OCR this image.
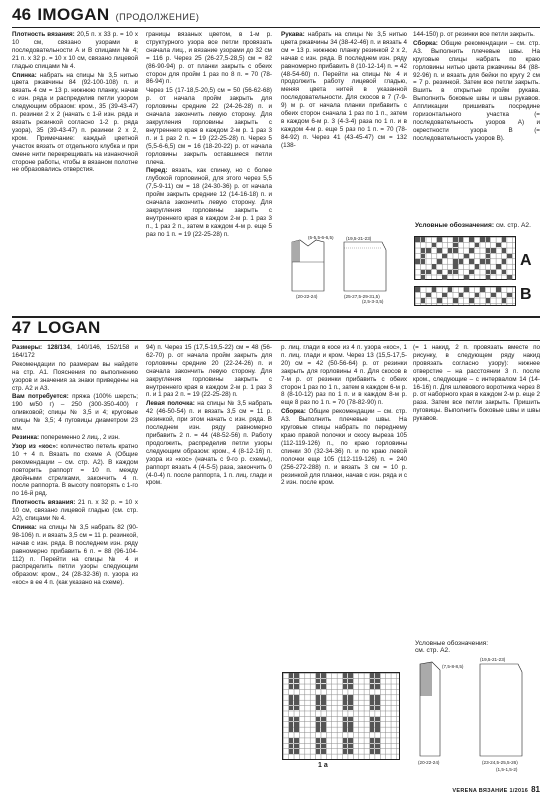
46 IMOGAN (ПРОДОЛЖЕНИЕ)

Плотность вязания: 20,5 п. х 33 р. = 10 х 10 см, связано узорами в последовательности А и В спицами № 4; 21 п. х 32 р. = 10 х 10 см, связано лицевой гладью спицами № 4.

Спинка: набрать на спицы № 3,5 нитью цвета ржавчины 84 (92-100-108) п. и вязать 4 см = 13 р. нижнюю планку, начав с изн. ряда и распределив петли узором следующим образом: кром., 35 (39-43-47) п. резинки 2 х 2 (начать с 1-й изн. ряда и вязать резинкой согласно 1-2 р. ряда узора), 35 (39-43-47) п. резинки 2 х 2, кром. Примечание: каждый цветной участок вязать от отдельного клубка и при смене нити перекрещивать на изнаночной стороне работы, чтобы в вязаном полотне не образовались отверстия.

границы вязаных цветом, в 1-м р. структурного узора все петли провязать сначала лиц., и вязание узорами до 32 см = 116 р. Через 25 (26-27,5-28,5) см = 82 (86-90-94) р. от планки закрыть с обеих сторон для пройм 1 раз по 8 п. = 70 (78-86-94) п.

Через 15 (17-18,5-20,5) см = 50 (56-62-68) р. от начала пройм закрыть для горловины средние 22 (24-26-28) п. и сначала закончить левую сторону. Для закругления горловины закрыть с внутреннего края в каждом 2-м р. 1 раз 3 п. и 1 раз 2 п. = 19 (22-25-28) п. Через 5 (5,5-6-6,5) см = 16 (18-20-22) р. от начала горловины закрыть оставшиеся петли плеча.

Перед: вязать, как спинку, но с более глубокой горловиной, для этого через 5,5 (7,5-9-11) см = 18 (24-30-36) р. от начала пройм закрыть средние 12 (14-16-18) п. и сначала закончить левую сторону. Для закругления горловины закрыть с внутреннего края в каждом 2-м р. 1 раз 3 п., 1 раз 2 п., затем в каждом 4-м р. еще 5 раз по 1 п. = 19 (22-25-28) п.

Рукава: набрать на спицы № 3,5 нитью цвета ржавчины 34 (38-42-46) п. и вязать 4 см = 13 р. нижнюю планку резинкой 2 х 2, начав с изн. ряда. В последнем изн. ряду равномерно прибавить 8 (10-12-14) п. = 42 (48-54-60) п. Перейти на спицы № 4 и продолжить работу лицевой гладью, меняя цвета нитей в указанной последовательности. Для скосов в 7 (7-9-9) м р. от начала планки прибавить с обеих сторон сначала 1 раз по 1 п., затем в каждом 6-м р. 3 (4-3-4) раза по 1 п. и в каждом 4-м р. еще 5 раз по 1 п. = 70 (78-84-92) п. Через 41 (43-45-47) см = 132 (138-

144-150) р. от резинки все петли закрыть.

Сборка: Общие рекомендации – см. стр. А3. Выполнить плечевые швы. На круговые спицы набрать по краю горловины нитью цвета ржавчины 84 (88-92-96) п. и вязать для бейки по кругу 2 см = 7 р. резинкой. Затем все петли закрыть. Вшить в открытые пройм рукава. Выполнить боковые швы и швы рукавов. Аппликации пришивать посредине горизонтального участка (= последовательность узоров А) и окрестности узора В (= последовательность узоров В).

(19,5-21-23)
(5-5,5-6-6,5)
(20-22-24)	(25-27,5-29-31,5)
(2,5-3-3,5)
Условные обозначения: см. стр. А2.
A
B
47 LOGAN

Размеры: 128/134, 140/146, 152/158 и 164/172

Рекомендации по размерам вы найдете на стр. А1. Пояснения по выполнению узоров и значения за знаки приведены на стр. А2 и А3.

Вам потребуется: пряжа (100% шерсть; 190 м/50 г) – 250 (300-350-400) г оливковой; спицы № 3,5 и 4; круговые спицы № 3,5; 4 пуговицы диаметром 23 мм.

Резинка: попеременно 2 лиц., 2 изн.

Узор из «кос»: количество петель кратно 10 + 4 п. Вязать по схеме А (Общие рекомендации – см. стр. А2). В каждом повторить раппорт = 10 п. между двойными стрелками, закончить 4 п. после раппорта. В высоту повторять с 1-го по 16-й ряд.

Плотность вязания: 21 п. х 32 р. = 10 х 10 см, связано лицевой гладью (см. стр. А2), спицами № 4.

Спинка: на спицы № 3,5 набрать 82 (90-98-106) п. и вязать 3,5 см = 11 р. резинкой, начав с изн. ряда. В последнем изн. ряду равномерно прибавить 6 п. = 88 (96-104-112) п. Перейти на спицы № 4 и распределить петли узоры следующим образом: кром., 24 (28-32-36) п. узора из «кос» в ее 4 п. (как указано на схеме).

94) п. Через 15 (17,5-19,5-22) см = 48 (56-62-70) р. от начала пройм закрыть для горловины средние 20 (22-24-26) п. и сначала закончить левую сторону. Для закругления горловины закрыть с внутреннего края в каждом 2-м р. 1 раз 3 п. и 1 раз 2 п. = 19 (22-25-28) п.

Левая полочка: на спицы № 3,5 набрать 42 (46-50-54) п. и вязать 3,5 см = 11 р. резинкой, при этом начать с изн. ряда. В последнем изн. ряду равномерно прибавить 2 п. = 44 (48-52-56) п. Работу продолжить, распределив петли узоры следующим образом: кром., 4 (8-12-16) п. узора из «кос» (начать с 9-го р. схемы), раппорт вязать 4 (4-5-5) раза, закончить 0 (4-0-4) п. после раппорта, 1 п. лиц. глади и кром.

p. лиц. глади в косе из 4 п. узора «кос», 1 п. лиц. глади и кром. Через 13 (15,5-17,5-20) см = 42 (50-56-64) р. от резинки закрыть для горловины 4 п. Для скосов в 7-м р. от резинки прибавить с обеих сторон 1 раз по 1 п., затем в каждом 6-м р. 8 (8-10-12) раз по 1 п. и в каждом 8-м р. еще 8 раз по 1 п. = 70 (78-82-90) п.

Сборка: Общие рекомендации – см. стр. А3. Выполнить плечевые швы. На круговые спицы набрать по переднему краю правой полочки и скосу выреза 105 (112-119-126) п., по краю горловины спинки 30 (32-34-36) п. и по краю левой полочки еще 105 (112-119-126) п. = 240 (256-272-288) п. и вязать 3 см = 10 р. резинкой для планки, начав с изн. ряда и с 2 изн. после кром.

(= 1 накид, 2 п. провязать вместе по рисунку, в следующем ряду накид провязать согласно узору): нижнее отверстие – на расстоянии 3 п. после кром., следующие – с интервалом 14 (14-16-16) п. Для шлевового воротника через 8 р. от наборного края в каждом 2-м р. еще 2 раза. Затем все петли закрыть. Пришить пуговицы. Выполнить боковые швы и швы рукавов.

1 a
Условные обозначения:
см. стр. А2.
(19,5-21-23)
(7,5-8-8,5)
(20-22-24)	(23-24,5-25,5-26)
(1,5-1,5-2)
VERENA ВЯЗАНИЕ 1/2016 81
